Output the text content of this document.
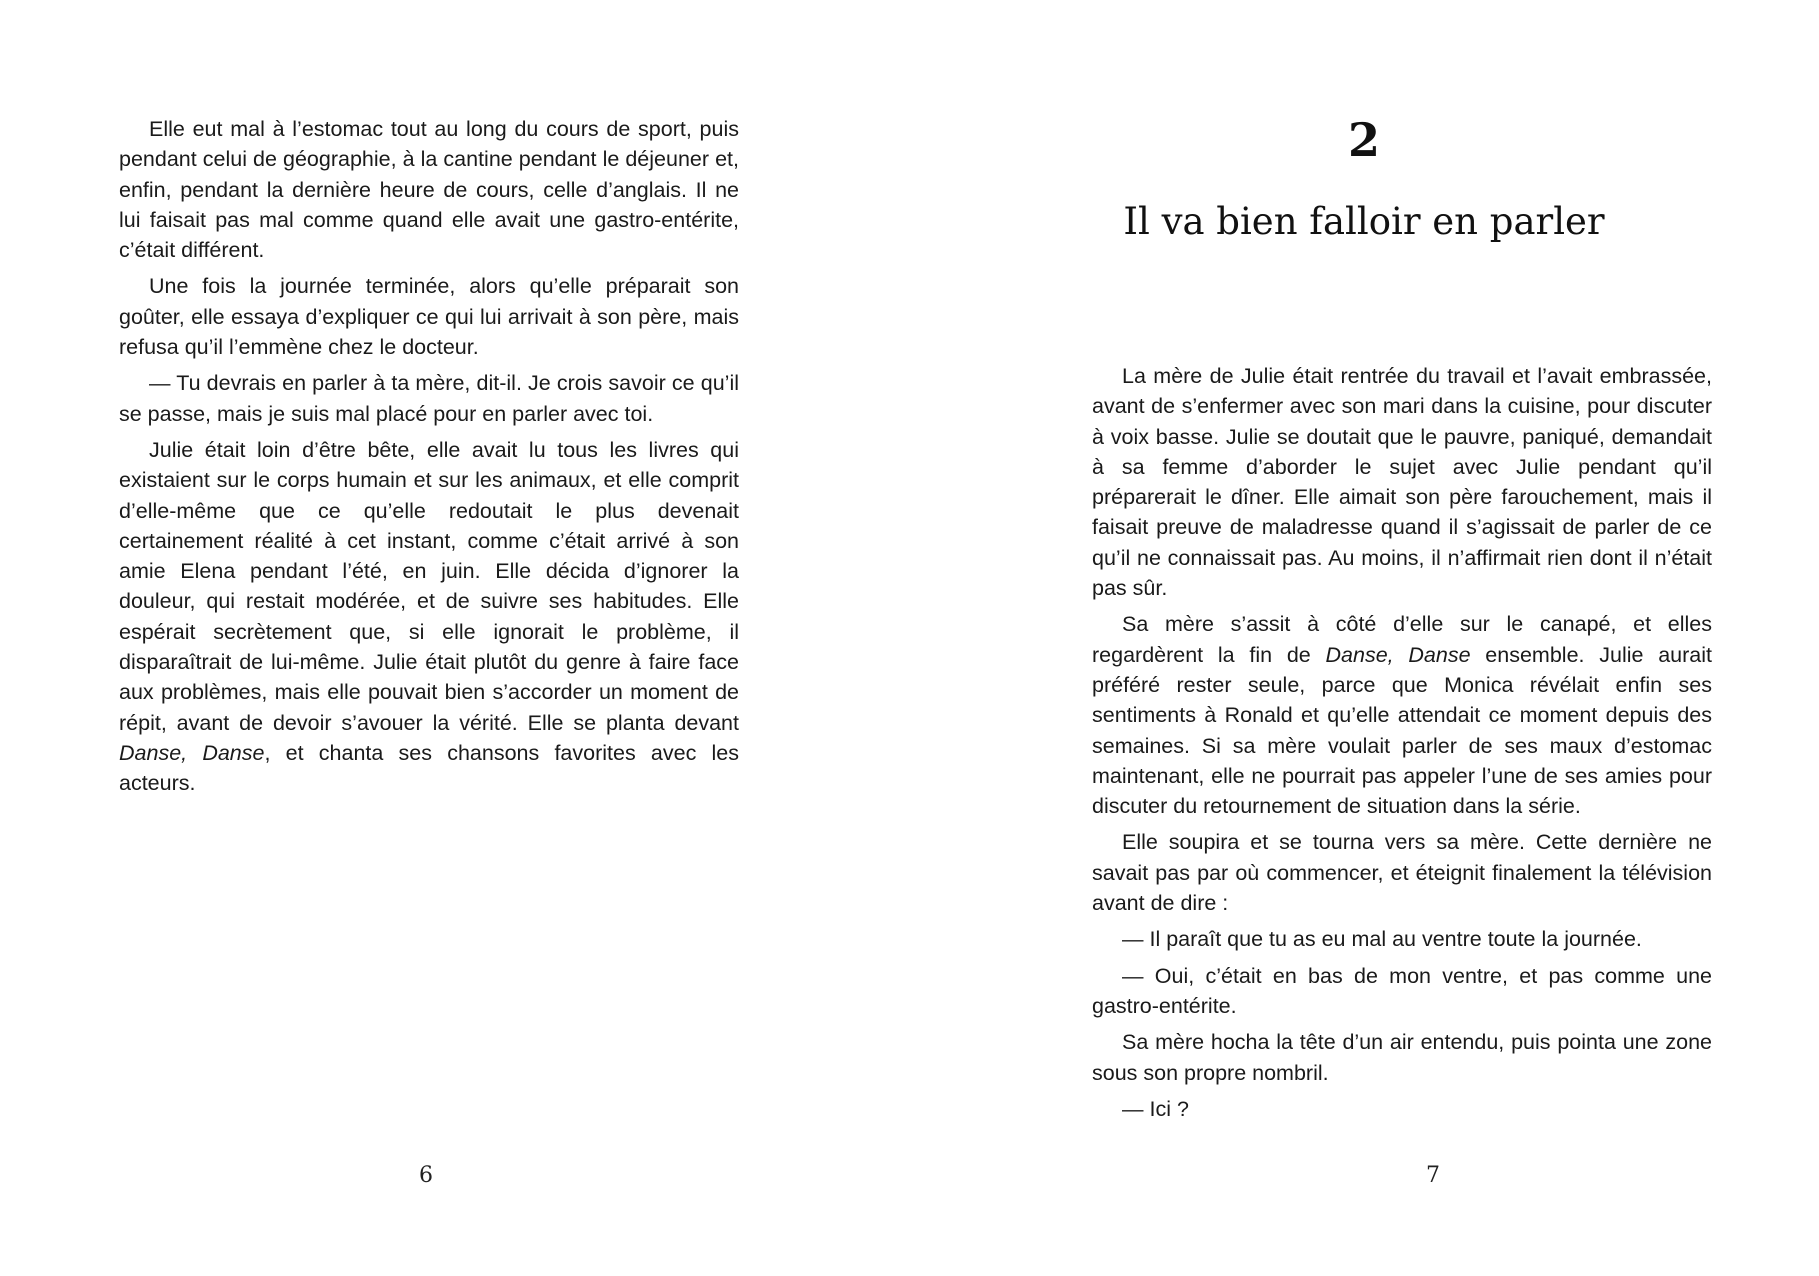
Elle eut mal à l’estomac tout au long du cours de sport, puis pendant celui de géographie, à la cantine pendant le déjeuner et, enfin, pendant la dernière heure de cours, celle d’anglais. Il ne lui faisait pas mal comme quand elle avait une gastro-entérite, c’était différent.

Une fois la journée terminée, alors qu’elle préparait son goûter, elle essaya d’expliquer ce qui lui arrivait à son père, mais refusa qu’il l’emmène chez le docteur.

— Tu devrais en parler à ta mère, dit-il. Je crois savoir ce qu’il se passe, mais je suis mal placé pour en parler avec toi.

Julie était loin d’être bête, elle avait lu tous les livres qui existaient sur le corps humain et sur les animaux, et elle comprit d’elle-même que ce qu’elle redoutait le plus devenait certainement réalité à cet instant, comme c’était arrivé à son amie Elena pendant l’été, en juin. Elle décida d’ignorer la douleur, qui restait modérée, et de suivre ses habitudes. Elle espérait secrètement que, si elle ignorait le problème, il disparaîtrait de lui-même. Julie était plutôt du genre à faire face aux problèmes, mais elle pouvait bien s’accorder un moment de répit, avant de devoir s’avouer la vérité. Elle se planta devant Danse, Danse, et chanta ses chansons favorites avec les acteurs.

6
2
Il va bien falloir en parler

La mère de Julie était rentrée du travail et l’avait embrassée, avant de s’enfermer avec son mari dans la cuisine, pour discuter à voix basse. Julie se doutait que le pauvre, paniqué, demandait à sa femme d’aborder le sujet avec Julie pendant qu’il préparerait le dîner. Elle aimait son père farouchement, mais il faisait preuve de maladresse quand il s’agissait de parler de ce qu’il ne connaissait pas. Au moins, il n’affirmait rien dont il n’était pas sûr.

Sa mère s’assit à côté d’elle sur le canapé, et elles regardèrent la fin de Danse, Danse ensemble. Julie aurait préféré rester seule, parce que Monica révélait enfin ses sentiments à Ronald et qu’elle attendait ce moment depuis des semaines. Si sa mère voulait parler de ses maux d’estomac maintenant, elle ne pourrait pas appeler l’une de ses amies pour discuter du retournement de situation dans la série.

Elle soupira et se tourna vers sa mère. Cette dernière ne savait pas par où commencer, et éteignit finalement la télévision avant de dire :

— Il paraît que tu as eu mal au ventre toute la journée.

— Oui, c’était en bas de mon ventre, et pas comme une gastro-entérite.

Sa mère hocha la tête d’un air entendu, puis pointa une zone sous son propre nombril.

— Ici ?

7
